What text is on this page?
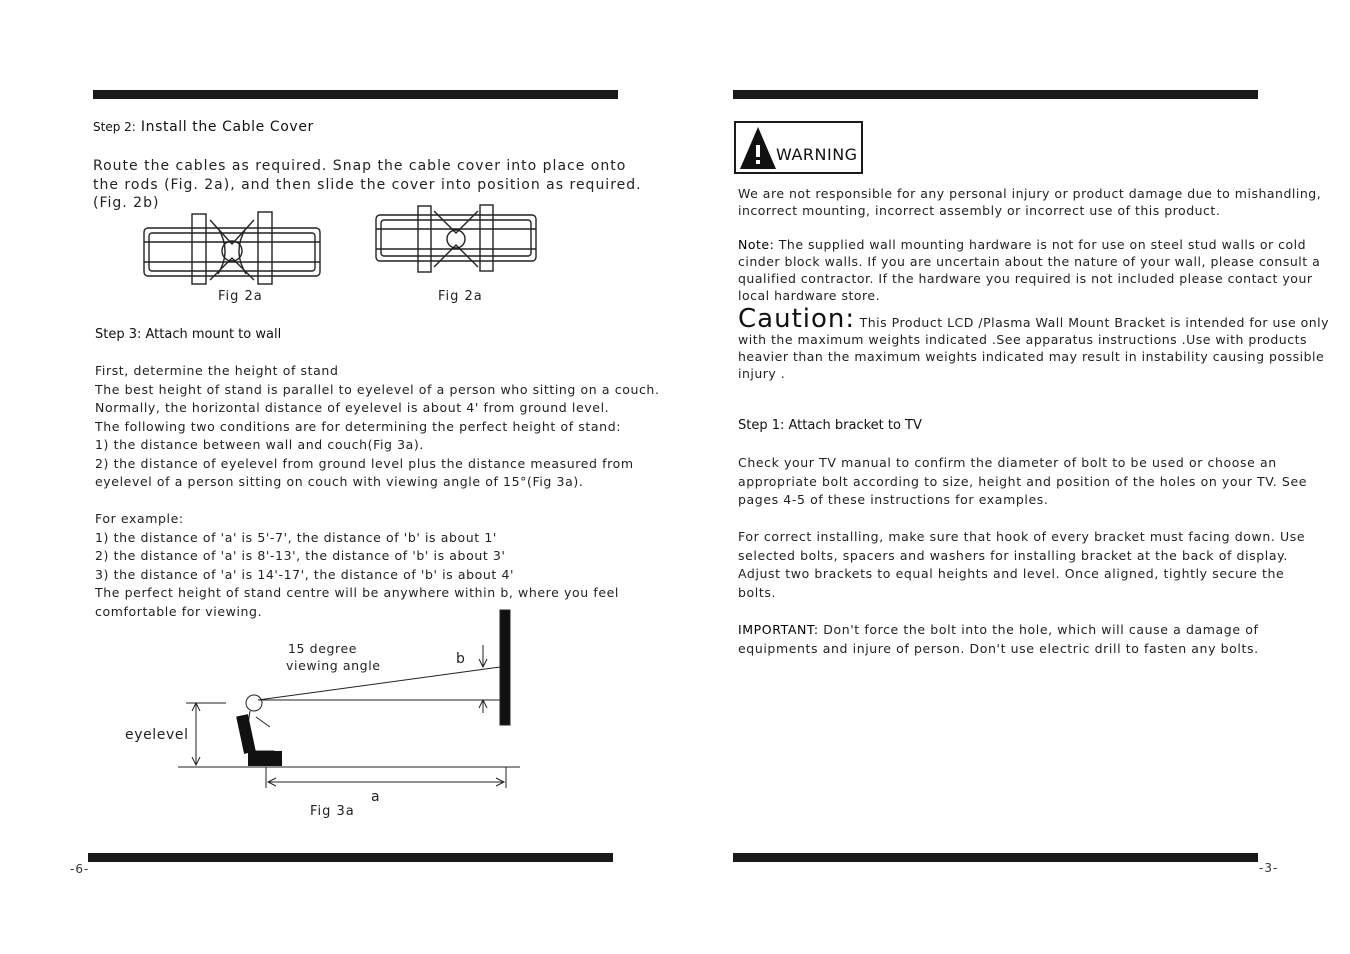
Step 2: Install the Cable Cover
Route the cables as required. Snap the cable cover into place onto
the rods (Fig. 2a), and then slide the cover into position as required.
(Fig. 2b)
Fig 2a	Fig 2a
Step 3: Attach mount to wall
First, determine the height of stand
The best height of stand is parallel to eyelevel of a person who sitting on a couch.
Normally, the horizontal distance of eyelevel is about 4' from ground level.
The following two conditions are for determining the perfect height of stand:
1) the distance between wall and couch(Fig 3a).
2) the distance of eyelevel from ground level plus the distance measured from
eyelevel of a person sitting on couch with viewing angle of 15°(Fig 3a).
For example:
1) the distance of 'a' is 5'-7', the distance of 'b' is about 1'
2) the distance of 'a' is 8'-13', the distance of 'b' is about 3'
3) the distance of 'a' is 14'-17', the distance of 'b' is about 4'
The perfect height of stand centre will be anywhere within b, where you feel
comfortable for viewing.
15 degree
viewing angle	b
eyelevel
a
Fig 3a
-6-
WARNING
We are not responsible for any personal injury or product damage due to mishandling,
incorrect mounting, incorrect assembly or incorrect use of this product.
Note: The supplied wall mounting hardware is not for use on steel stud walls or cold
cinder block walls. If you are uncertain about the nature of your wall, please consult a
qualified contractor. If the hardware you required is not included please contact your
local hardware store.
Caution: This Product LCD /Plasma Wall Mount Bracket is intended for use only
with the maximum weights indicated .See apparatus instructions .Use with products
heavier than the maximum weights indicated may result in instability causing possible
injury .
Step 1: Attach bracket to TV
Check your TV manual to confirm the diameter of bolt to be used or choose an
appropriate bolt according to size, height and position of the holes on your TV. See
pages 4-5 of these instructions for examples.
For correct installing, make sure that hook of every bracket must facing down. Use
selected bolts, spacers and washers for installing bracket at the back of display.
Adjust two brackets to equal heights and level. Once aligned, tightly secure the
bolts.
IMPORTANT: Don't force the bolt into the hole, which will cause a damage of
equipments and injure of person. Don't use electric drill to fasten any bolts.
-3-
